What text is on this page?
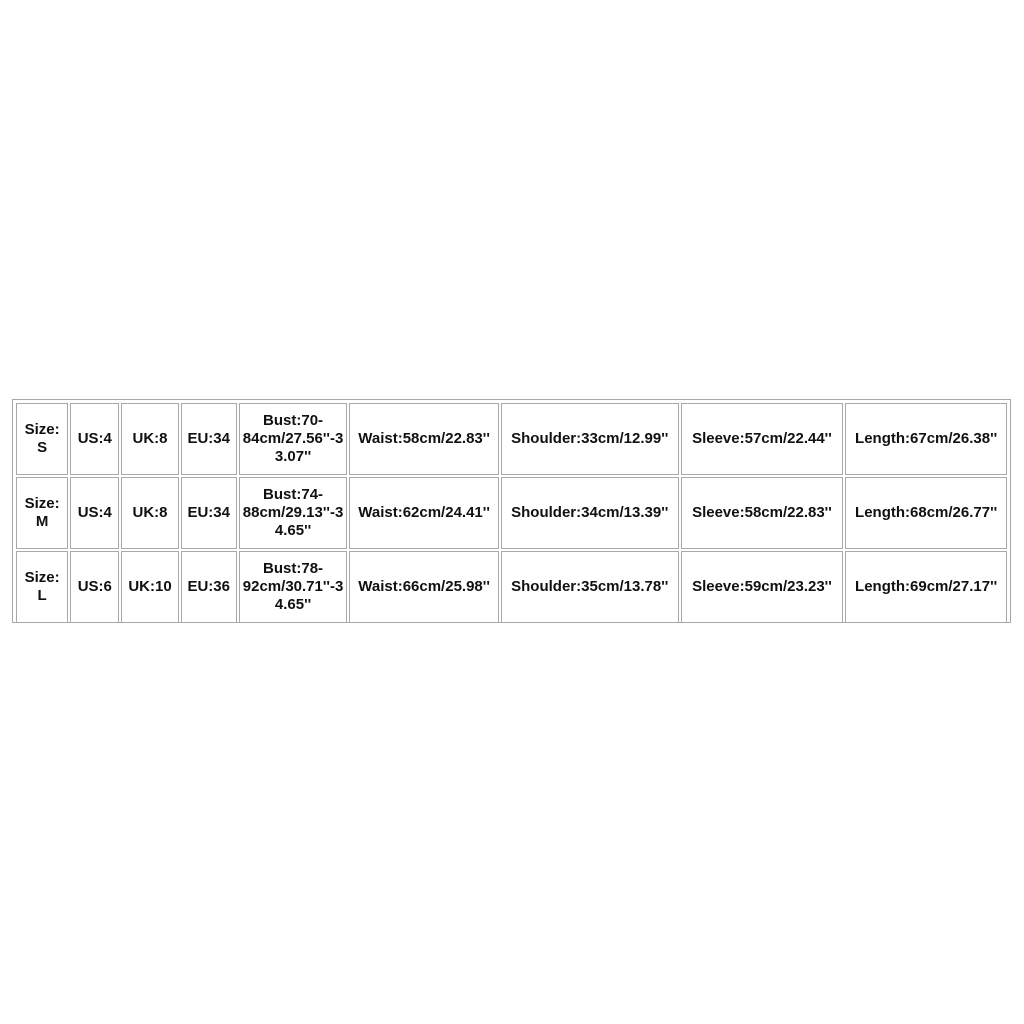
Size: S	US:4	UK:8	EU:34	Bust:70-84cm/27.56''-33.07''	Waist:58cm/22.83''	Shoulder:33cm/12.99''	Sleeve:57cm/22.44''	Length:67cm/26.38''
Size: M	US:4	UK:8	EU:34	Bust:74-88cm/29.13''-34.65''	Waist:62cm/24.41''	Shoulder:34cm/13.39''	Sleeve:58cm/22.83''	Length:68cm/26.77''
Size: L	US:6	UK:10	EU:36	Bust:78-92cm/30.71''-34.65''	Waist:66cm/25.98''	Shoulder:35cm/13.78''	Sleeve:59cm/23.23''	Length:69cm/27.17''
